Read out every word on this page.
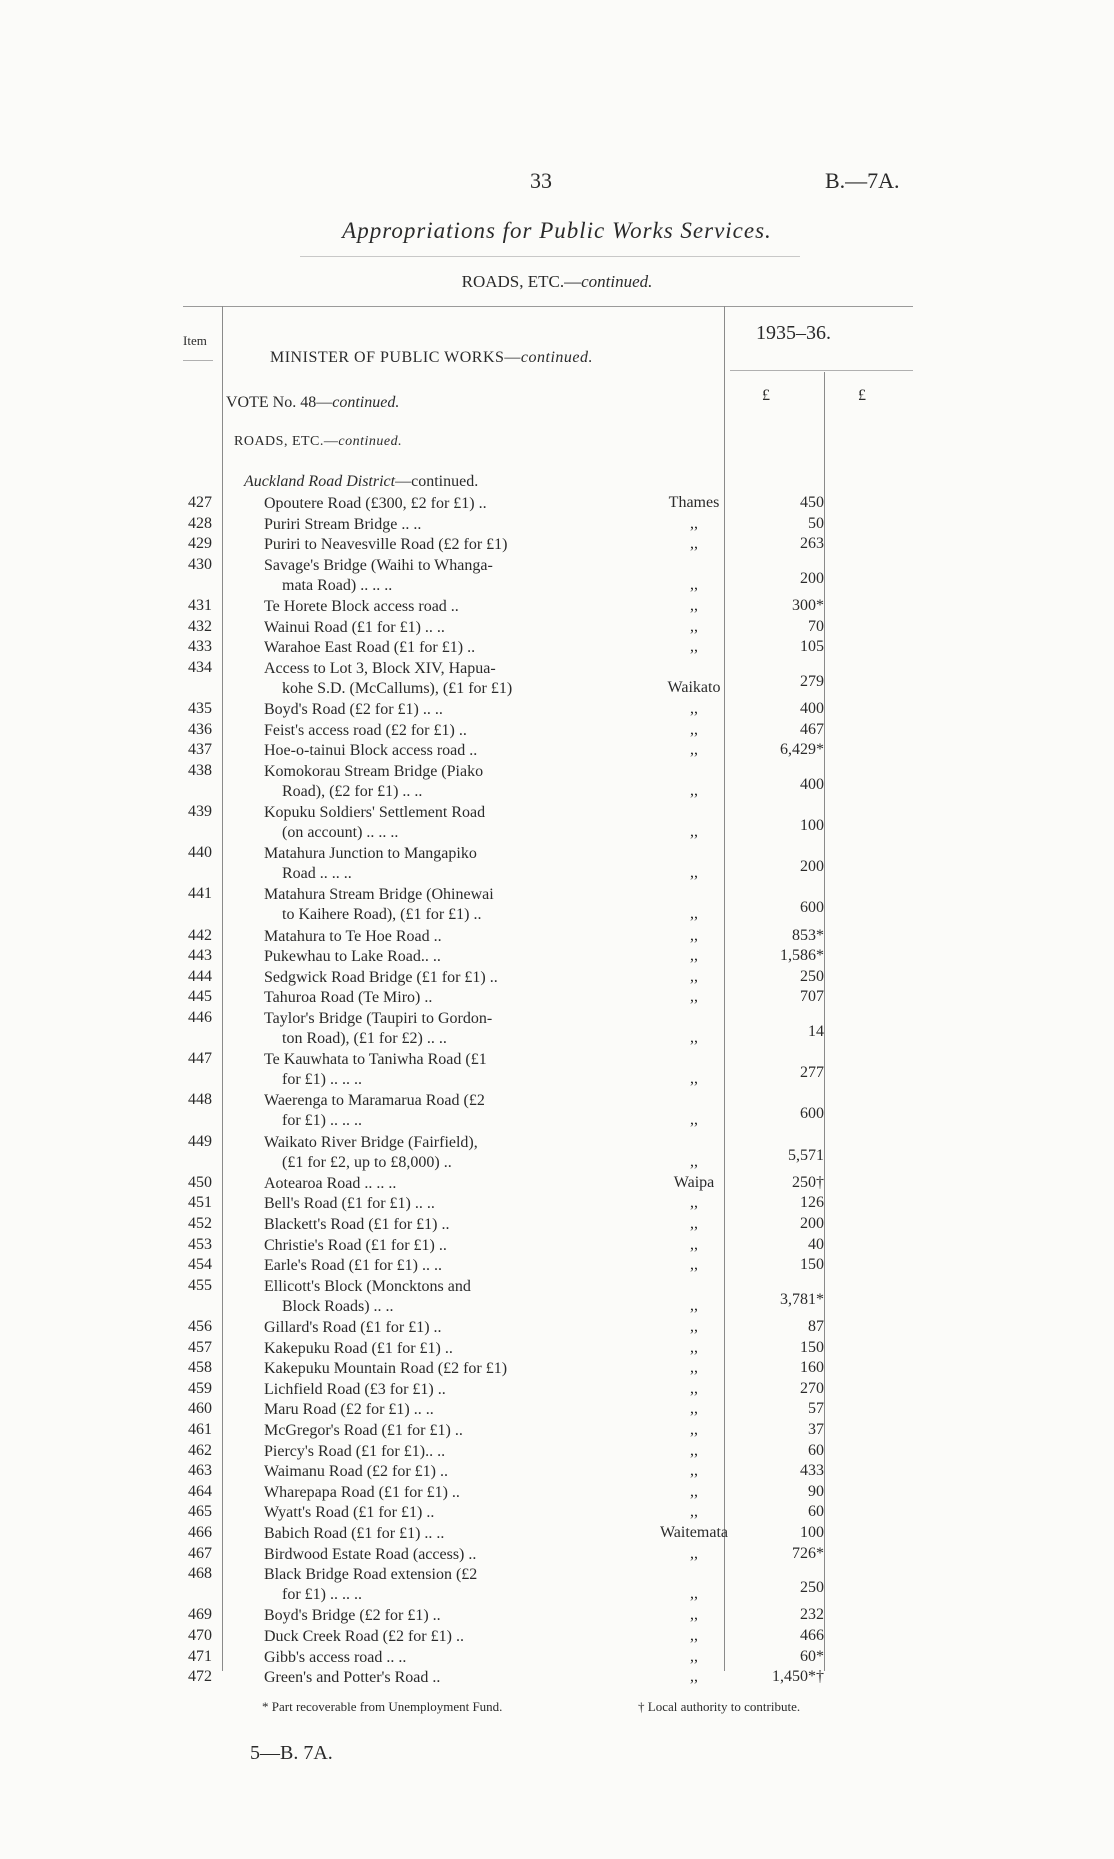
33	B.—7A.
Appropriations for Public Works Services.
ROADS, ETC.—continued.
Item
MINISTER OF PUBLIC WORKS—continued.
1935–36.
£	£
VOTE No. 48—continued.
ROADS, ETC.—continued.
Auckland Road District—continued.
427	Opoutere Road (£300, £2 for £1) ..	Thames	450
428	Puriri Stream Bridge .. ..	,,	50
429	Puriri to Neavesville Road (£2 for £1)	,,	263
430	Savage's Bridge (Waihi to Whanga-
mata Road) .. .. ..	,,	200
431	Te Horete Block access road ..	,,	300*
432	Wainui Road (£1 for £1) .. ..	,,	70
433	Warahoe East Road (£1 for £1) ..	,,	105
434	Access to Lot 3, Block XIV, Hapua-
kohe S.D. (McCallums), (£1 for £1)	Waikato	279
435	Boyd's Road (£2 for £1) .. ..	,,	400
436	Feist's access road (£2 for £1) ..	,,	467
437	Hoe-o-tainui Block access road ..	,,	6,429*
438	Komokorau Stream Bridge (Piako
Road), (£2 for £1) .. ..	,,	400
439	Kopuku Soldiers' Settlement Road
(on account) .. .. ..	,,	100
440	Matahura Junction to Mangapiko
Road .. .. ..	,,	200
441	Matahura Stream Bridge (Ohinewai
to Kaihere Road), (£1 for £1) ..	,,	600
442	Matahura to Te Hoe Road ..	,,	853*
443	Pukewhau to Lake Road.. ..	,,	1,586*
444	Sedgwick Road Bridge (£1 for £1) ..	,,	250
445	Tahuroa Road (Te Miro) ..	,,	707
446	Taylor's Bridge (Taupiri to Gordon-
ton Road), (£1 for £2) .. ..	,,	14
447	Te Kauwhata to Taniwha Road (£1
for £1) .. .. ..	,,	277
448	Waerenga to Maramarua Road (£2
for £1) .. .. ..	,,	600
449	Waikato River Bridge (Fairfield),
(£1 for £2, up to £8,000) ..	,,	5,571
450	Aotearoa Road .. .. ..	Waipa	250†
451	Bell's Road (£1 for £1) .. ..	,,	126
452	Blackett's Road (£1 for £1) ..	,,	200
453	Christie's Road (£1 for £1) ..	,,	40
454	Earle's Road (£1 for £1) .. ..	,,	150
455	Ellicott's Block (Moncktons and
Block Roads) .. ..	,,	3,781*
456	Gillard's Road (£1 for £1) ..	,,	87
457	Kakepuku Road (£1 for £1) ..	,,	150
458	Kakepuku Mountain Road (£2 for £1)	,,	160
459	Lichfield Road (£3 for £1) ..	,,	270
460	Maru Road (£2 for £1) .. ..	,,	57
461	McGregor's Road (£1 for £1) ..	,,	37
462	Piercy's Road (£1 for £1).. ..	,,	60
463	Waimanu Road (£2 for £1) ..	,,	433
464	Wharepapa Road (£1 for £1) ..	,,	90
465	Wyatt's Road (£1 for £1) ..	,,	60
466	Babich Road (£1 for £1) .. ..	Waitemata	100
467	Birdwood Estate Road (access) ..	,,	726*
468	Black Bridge Road extension (£2
for £1) .. .. ..	,,	250
469	Boyd's Bridge (£2 for £1) ..	,,	232
470	Duck Creek Road (£2 for £1) ..	,,	466
471	Gibb's access road .. ..	,,	60*
472	Green's and Potter's Road ..	,,	1,450*†
* Part recoverable from Unemployment Fund.	† Local authority to contribute.
5—B. 7A.
